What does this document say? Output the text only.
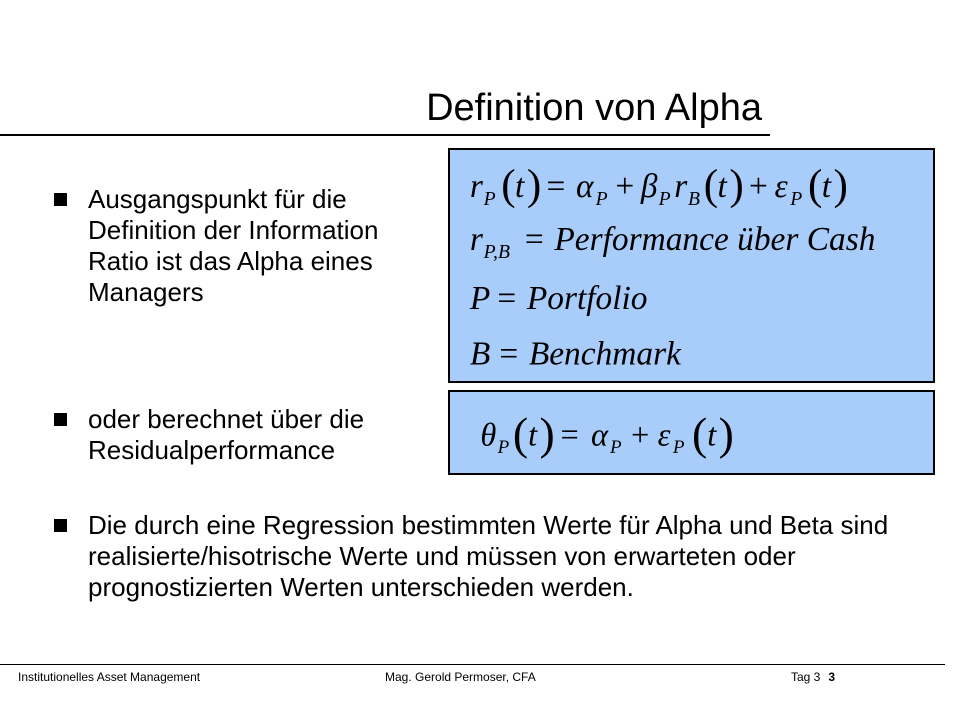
Definition von Alpha
Ausgangspunkt für die Definition der Information Ratio ist das Alpha eines Managers
oder berechnet über die Residualperformance
Die durch eine Regression bestimmten Werte für Alpha und Beta sind realisierte/hisotrische Werte und müssen von erwarteten oder prognostizierten Werten unterschieden werden.
r P ( t ) = α P + β P r B ( t ) + ε P ( t )
r P,B = Performance über Cash
P = Portfolio
B = Benchmark
θ P ( t ) = α P + ε P ( t )
Institutionelles Asset Management	Mag. Gerold Permoser, CFA	Tag 3 3
